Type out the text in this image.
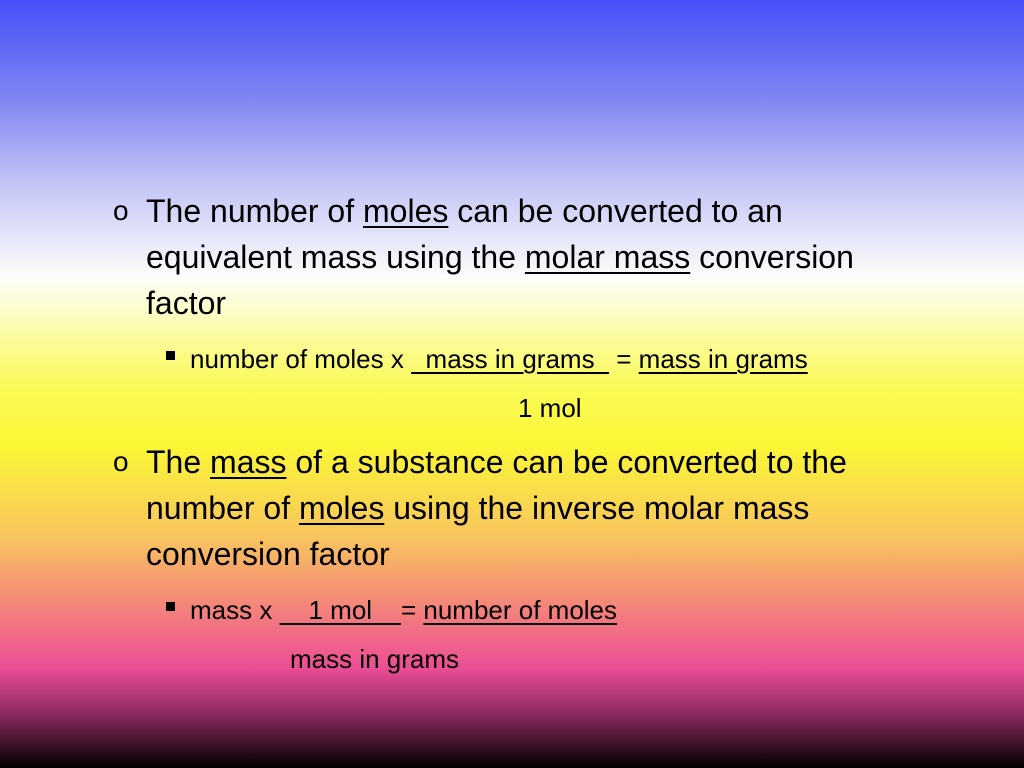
o The number of moles can be converted to an
equivalent mass using the molar mass conversion
factor
number of moles x   mass in grams   = mass in grams
1 mol
o The mass of a substance can be converted to the
number of moles using the inverse molar mass
conversion factor
mass x     1 mol    = number of moles
mass in grams
